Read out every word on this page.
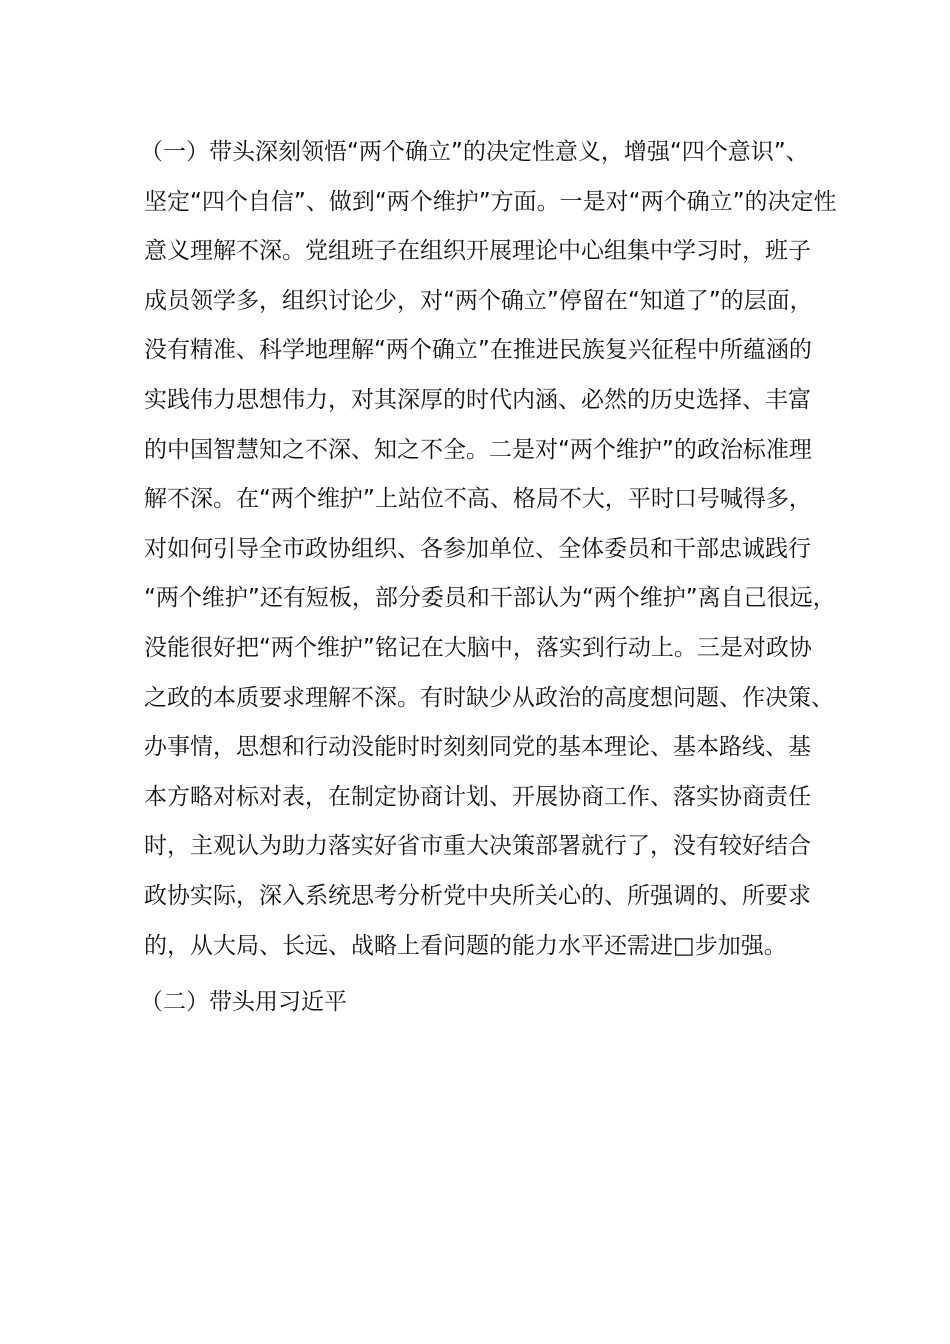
（一）带头深刻领悟“两个确立”的决定性意义，增强“四个意识”、
坚定“四个自信”、做到“两个维护”方面。一是对“两个确立”的决定性
意义理解不深。党组班子在组织开展理论中心组集中学习时，班子
成员领学多，组织讨论少，对“两个确立”停留在“知道了”的层面，
没有精准、科学地理解“两个确立”在推进民族复兴征程中所蕴涵的
实践伟力思想伟力，对其深厚的时代内涵、必然的历史选择、丰富
的中国智慧知之不深、知之不全。二是对“两个维护”的政治标准理
解不深。在“两个维护”上站位不高、格局不大，平时口号喊得多，
对如何引导全市政协组织、各参加单位、全体委员和干部忠诚践行
“两个维护”还有短板，部分委员和干部认为“两个维护”离自己很远，
没能很好把“两个维护”铭记在大脑中，落实到行动上。三是对政协
之政的本质要求理解不深。有时缺少从政治的高度想问题、作决策、
办事情，思想和行动没能时时刻刻同党的基本理论、基本路线、基
本方略对标对表，在制定协商计划、开展协商工作、落实协商责任
时，主观认为助力落实好省市重大决策部署就行了，没有较好结合
政协实际，深入系统思考分析党中央所关心的、所强调的、所要求
的，从大局、长远、战略上看问题的能力水平还需进□步加强。
（二）带头用习近平
